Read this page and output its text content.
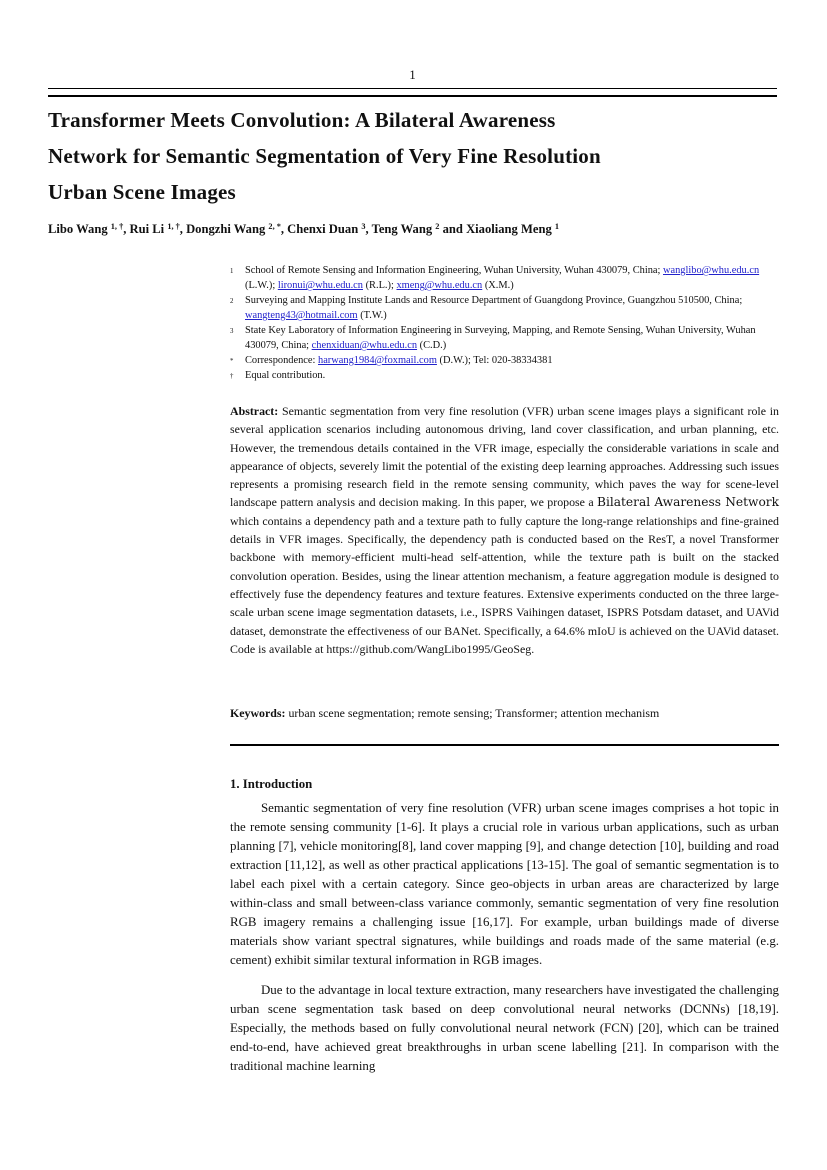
1
Transformer Meets Convolution: A Bilateral Awareness
Network for Semantic Segmentation of Very Fine Resolution
Urban Scene Images
Libo Wang $^{1, \dagger}$, Rui Li $^{1, \dagger}$, Dongzhi Wang $^{2, *}$, Chenxi Duan $^3$, Teng Wang $^2$ and Xiaoliang Meng $^1$
1	School of Remote Sensing and Information Engineering, Wuhan University, Wuhan 430079, China; wanglibo@whu.edu.cn (L.W.); lironui@whu.edu.cn (R.L.); xmeng@whu.edu.cn (X.M.)
2	Surveying and Mapping Institute Lands and Resource Department of Guangdong Province, Guangzhou 510500, China; wangteng43@hotmail.com (T.W.)
3	State Key Laboratory of Information Engineering in Surveying, Mapping, and Remote Sensing, Wuhan University, Wuhan 430079, China; chenxiduan@whu.edu.cn (C.D.)
*	Correspondence: harwang1984@foxmail.com (D.W.); Tel: 020-38334381
†	Equal contribution.

Abstract: Semantic segmentation from very fine resolution (VFR) urban scene images plays a significant role in several application scenarios including autonomous driving, land cover classification, and urban planning, etc. However, the tremendous details contained in the VFR image, especially the considerable variations in scale and appearance of objects, severely limit the potential of the existing deep learning approaches. Addressing such issues represents a promising research field in the remote sensing community, which paves the way for scene-level landscape pattern analysis and decision making. In this paper, we propose a Bilateral Awareness Network which contains a dependency path and a texture path to fully capture the long-range relationships and fine-grained details in VFR images. Specifically, the dependency path is conducted based on the ResT, a novel Transformer backbone with memory-efficient multi-head self-attention, while the texture path is built on the stacked convolution operation. Besides, using the linear attention mechanism, a feature aggregation module is designed to effectively fuse the dependency features and texture features. Extensive experiments conducted on the three large-scale urban scene image segmentation datasets, i.e., ISPRS Vaihingen dataset, ISPRS Potsdam dataset, and UAVid dataset, demonstrate the effectiveness of our BANet. Specifically, a 64.6% mIoU is achieved on the UAVid dataset. Code is available at https://github.com/WangLibo1995/GeoSeg.

Keywords: urban scene segmentation; remote sensing; Transformer; attention mechanism

1. Introduction

Semantic segmentation of very fine resolution (VFR) urban scene images comprises a hot topic in the remote sensing community [1-6]. It plays a crucial role in various urban applications, such as urban planning [7], vehicle monitoring[8], land cover mapping [9], and change detection [10], building and road extraction [11,12], as well as other practical applications [13-15]. The goal of semantic segmentation is to label each pixel with a certain category. Since geo-objects in urban areas are characterized by large within-class and small between-class variance commonly, semantic segmentation of very fine resolution RGB imagery remains a challenging issue [16,17]. For example, urban buildings made of diverse materials show variant spectral signatures, while buildings and roads made of the same material (e.g. cement) exhibit similar textural information in RGB images.

Due to the advantage in local texture extraction, many researchers have investigated the challenging urban scene segmentation task based on deep convolutional neural networks (DCNNs) [18,19]. Especially, the methods based on fully convolutional neural network (FCN) [20], which can be trained end-to-end, have achieved great breakthroughs in urban scene labelling [21]. In comparison with the traditional machine learning
